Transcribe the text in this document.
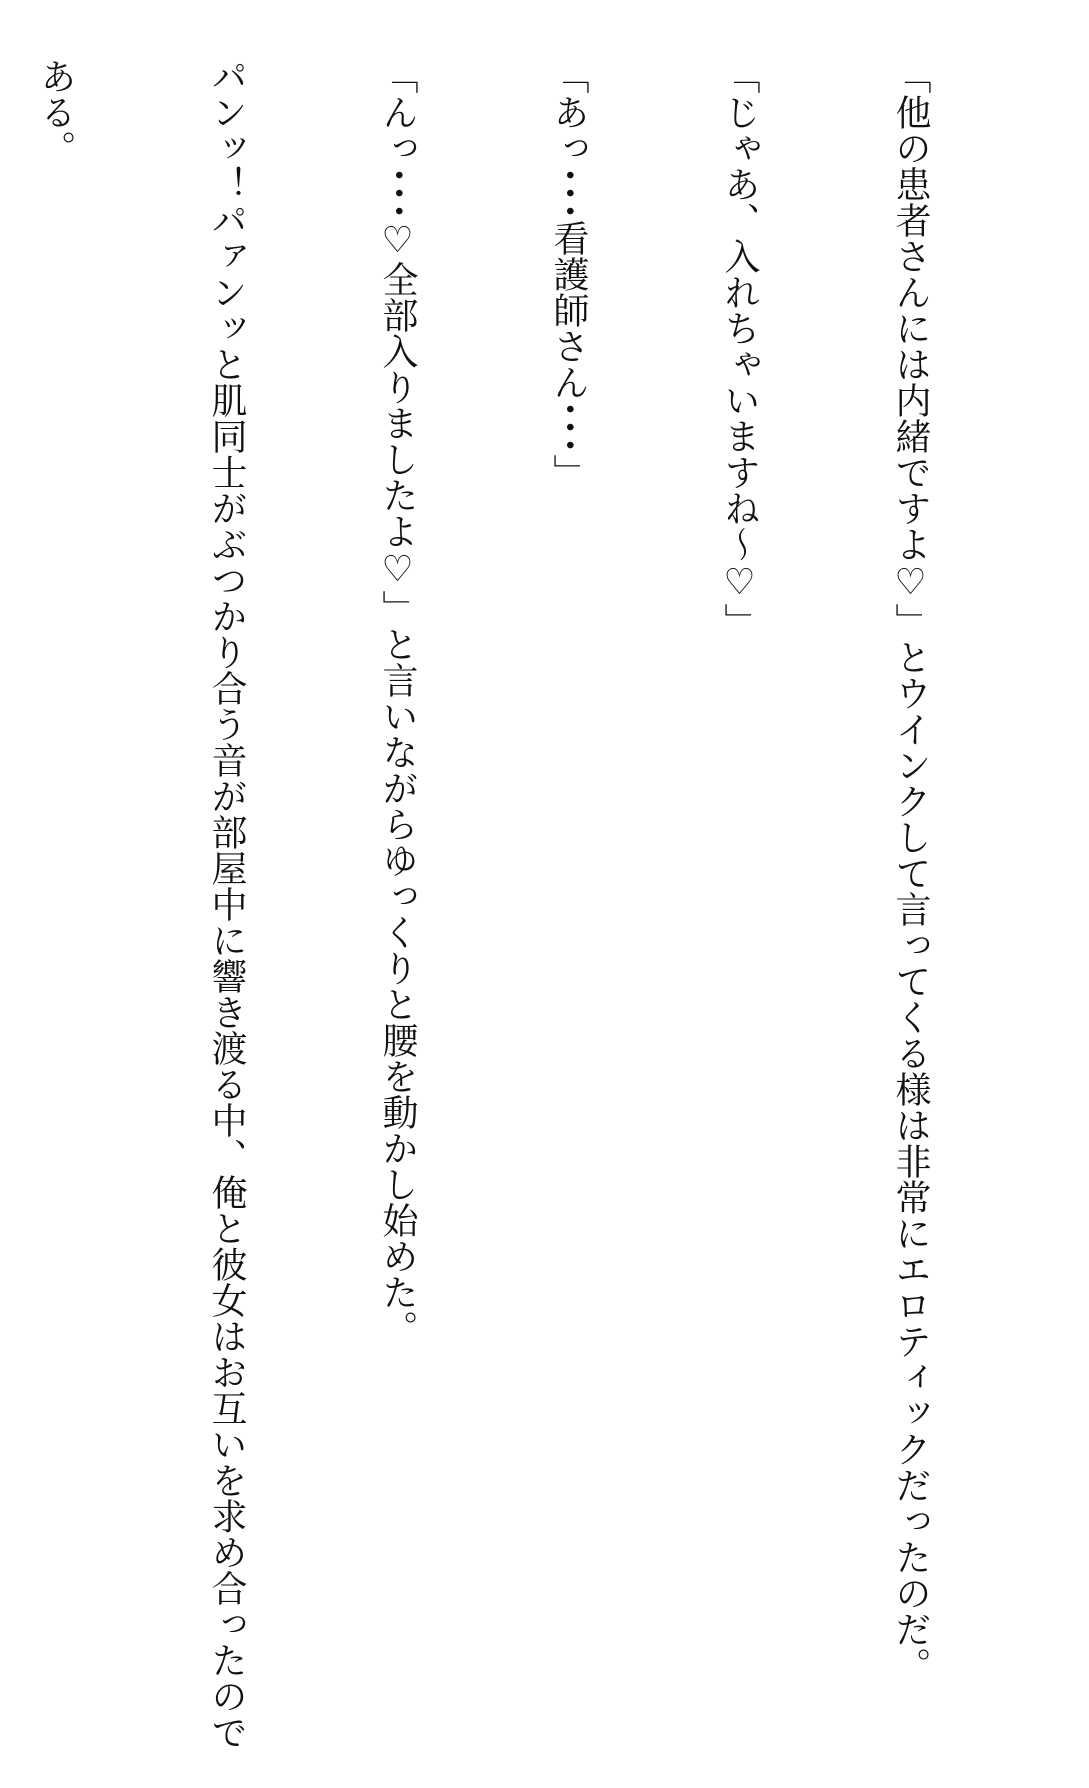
「他の患者さんには内緒ですよ♡」とウインクして言ってくる様は非常にエロティックだったのだ。

「じゃあ、入れちゃいますね～♡」

「あっ･･･看護師さん･･･」

「んっ･･･♡全部入りましたよ♡」と言いながらゆっくりと腰を動かし始めた。

パンッ！パァンッと肌同士がぶつかり合う音が部屋中に響き渡る中、俺と彼女はお互いを求め合ったので

ある。
